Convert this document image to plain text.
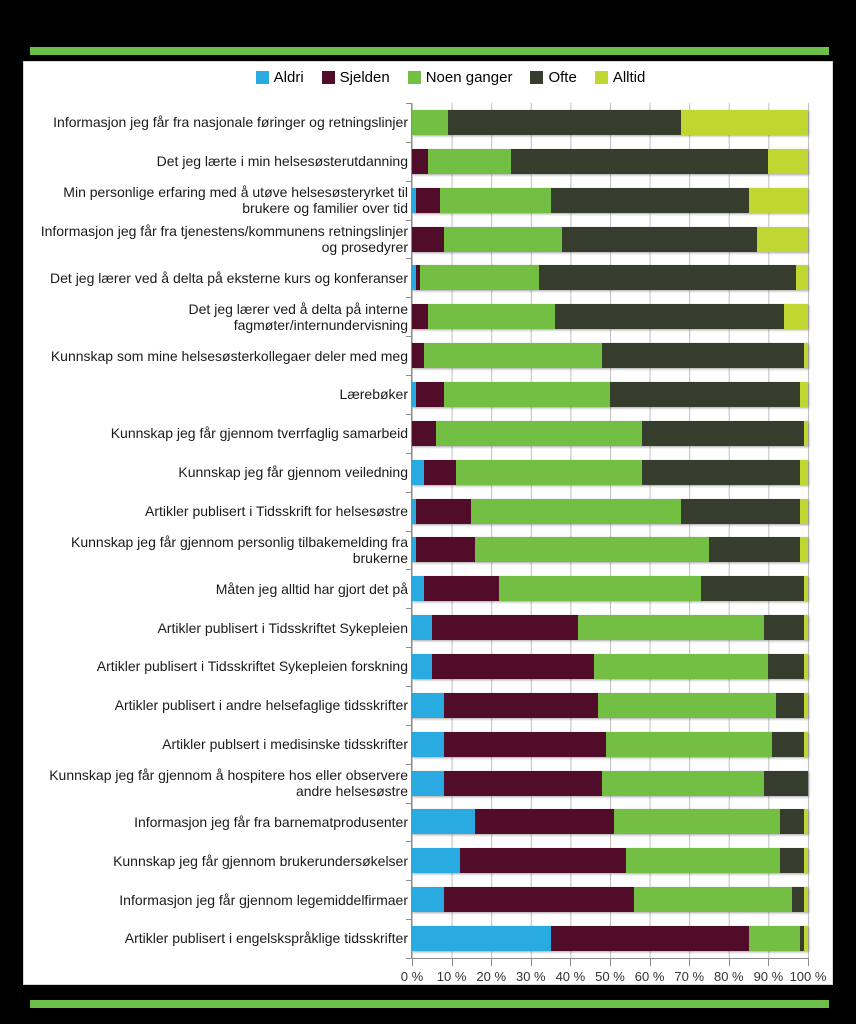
Aldri Sjelden Noen ganger Ofte Alltid
Informasjon jeg får fra nasjonale føringer og retningslinjer
Det jeg lærte i min helsesøsterutdanning
Min personlige erfaring med å utøve helsesøsteryrket til brukere og familier over tid
Informasjon jeg får fra tjenestens/kommunens retningslinjer og prosedyrer
Det jeg lærer ved å delta på eksterne kurs og konferanser
Det jeg lærer ved å delta på interne fagmøter/internundervisning
Kunnskap som mine helsesøsterkollegaer deler med meg
Lærebøker
Kunnskap jeg får gjennom tverrfaglig samarbeid
Kunnskap jeg får gjennom veiledning
Artikler publisert i Tidsskrift for helsesøstre
Kunnskap jeg får gjennom personlig tilbakemelding fra brukerne
Måten jeg alltid har gjort det på
Artikler publisert i Tidsskriftet Sykepleien
Artikler publisert i Tidsskriftet Sykepleien forskning
Artikler publisert i andre helsefaglige tidsskrifter
Artikler publsert i medisinske tidsskrifter
Kunnskap jeg får gjennom å hospitere hos eller observere andre helsesøstre
Informasjon jeg får fra barnematprodusenter
Kunnskap jeg får gjennom brukerundersøkelser
Informasjon jeg får gjennom legemiddelfirmaer
Artikler publisert i engelskspråklige tidsskrifter
0 % 10 % 20 % 30 % 40 % 50 % 60 % 70 % 80 % 90 % 100 %
